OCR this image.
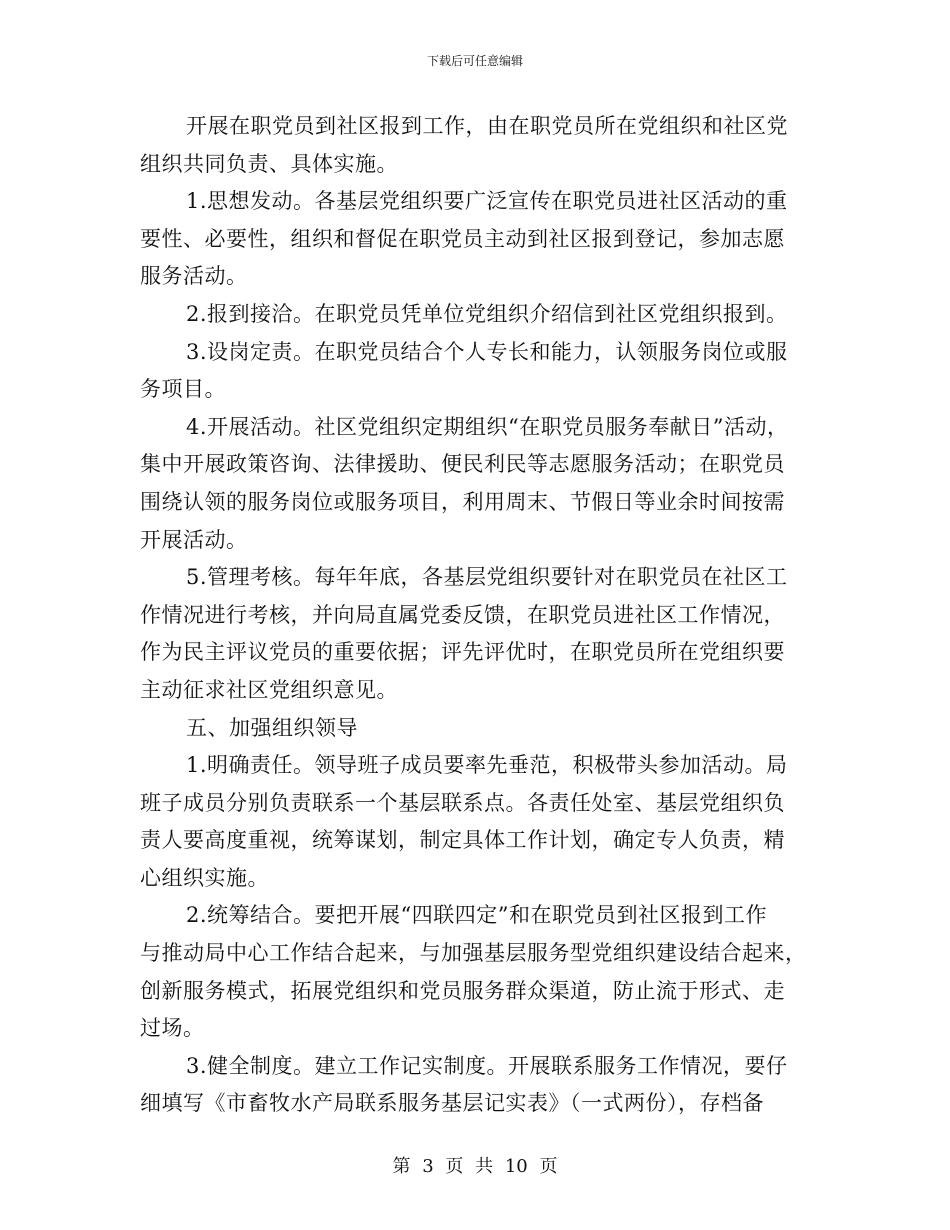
下载后可任意编辑
开展在职党员到社区报到工作，由在职党员所在党组织和社区党
组织共同负责、具体实施。
1.思想发动。各基层党组织要广泛宣传在职党员进社区活动的重
要性、必要性，组织和督促在职党员主动到社区报到登记，参加志愿
服务活动。
2.报到接洽。在职党员凭单位党组织介绍信到社区党组织报到。
3.设岗定责。在职党员结合个人专长和能力，认领服务岗位或服
务项目。
4.开展活动。社区党组织定期组织“在职党员服务奉献日”活动，
集中开展政策咨询、法律援助、便民利民等志愿服务活动；在职党员
围绕认领的服务岗位或服务项目，利用周末、节假日等业余时间按需
开展活动。
5.管理考核。每年年底，各基层党组织要针对在职党员在社区工
作情况进行考核，并向局直属党委反馈，在职党员进社区工作情况，
作为民主评议党员的重要依据；评先评优时，在职党员所在党组织要
主动征求社区党组织意见。
五、加强组织领导
1.明确责任。领导班子成员要率先垂范，积极带头参加活动。局
班子成员分别负责联系一个基层联系点。各责任处室、基层党组织负
责人要高度重视，统筹谋划，制定具体工作计划，确定专人负责，精
心组织实施。
2.统筹结合。要把开展“四联四定”和在职党员到社区报到工作
与推动局中心工作结合起来，与加强基层服务型党组织建设结合起来，
创新服务模式，拓展党组织和党员服务群众渠道，防止流于形式、走
过场。
3.健全制度。建立工作记实制度。开展联系服务工作情况，要仔
细填写《市畜牧水产局联系服务基层记实表》（一式两份），存档备
第 3 页 共 10 页
